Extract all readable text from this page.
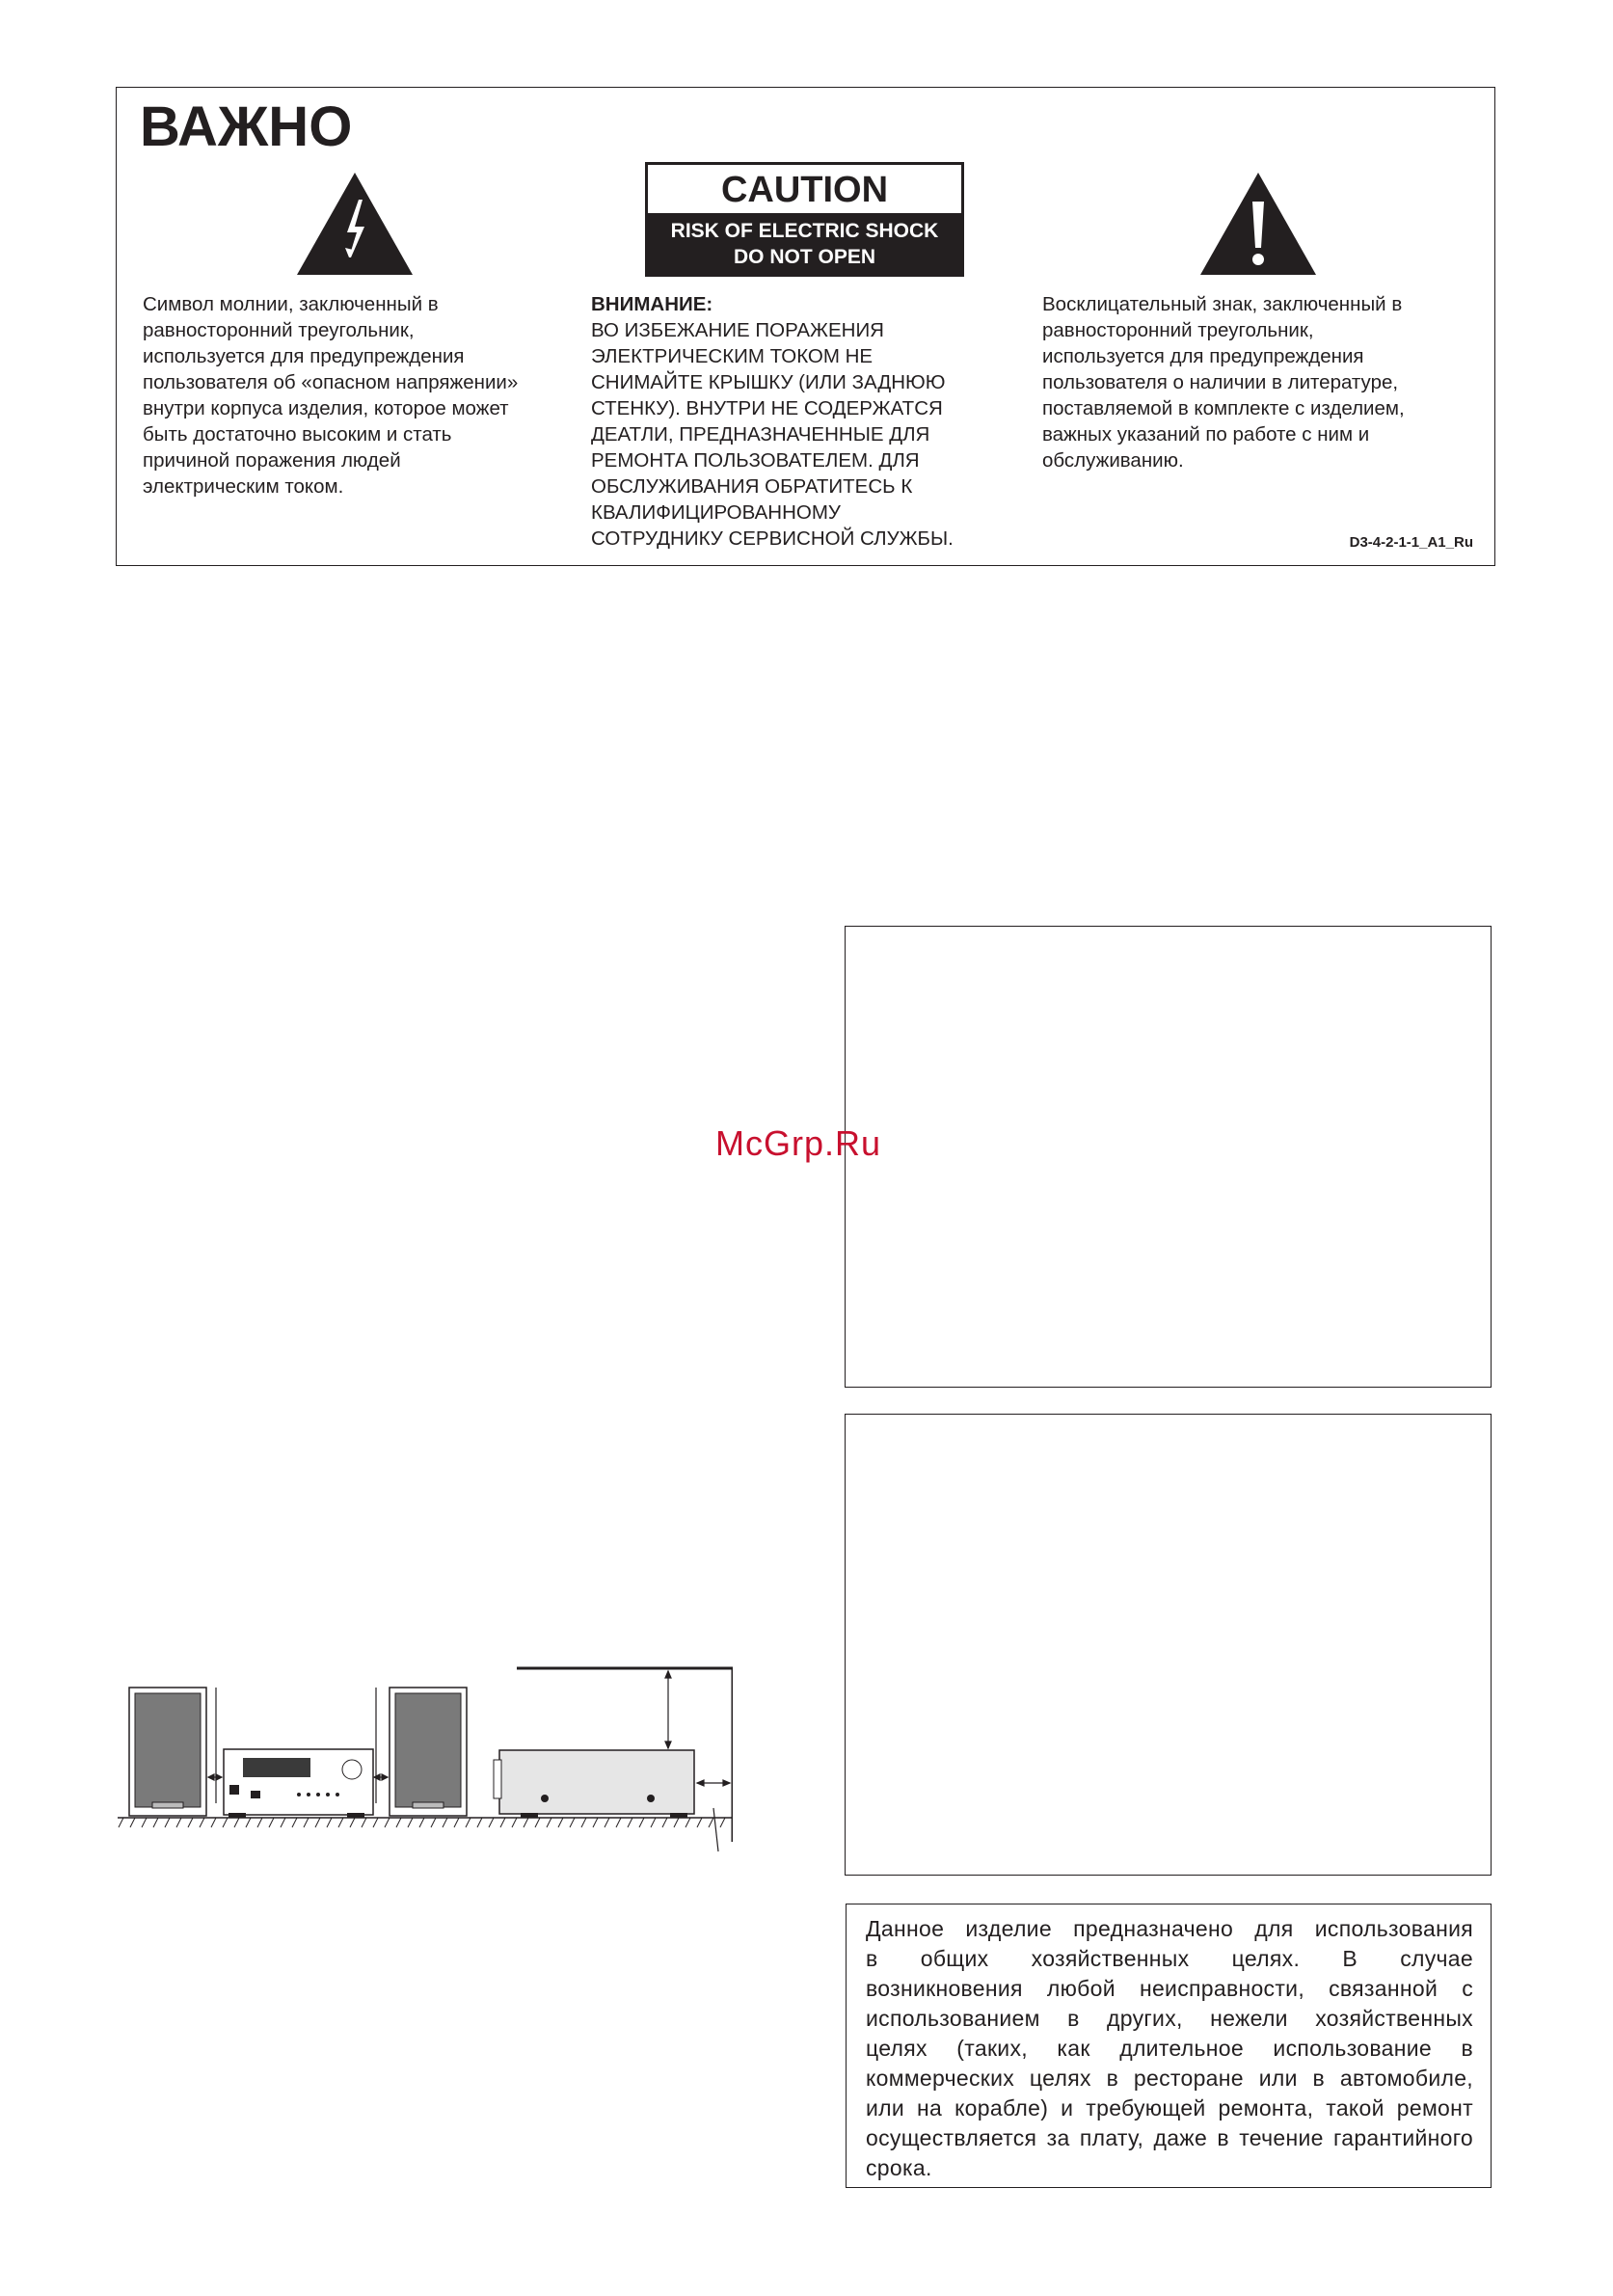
ВАЖНО
Символ молнии, заключенный в
равносторонний треугольник,
используется для предупреждения
пользователя об «опасном напряжении»
внутри корпуса изделия, которое может
быть достаточно высоким и стать
причиной поражения людей
электрическим током.
CAUTION
RISK OF ELECTRIC SHOCK
DO NOT OPEN
ВНИМАНИЕ:
ВО ИЗБЕЖАНИЕ ПОРАЖЕНИЯ
ЭЛЕКТРИЧЕСКИМ ТОКОМ НЕ
СНИМАЙТЕ КРЫШКУ (ИЛИ ЗАДНЮЮ
СТЕНКУ). ВНУТРИ НЕ СОДЕРЖАТСЯ
ДЕАТЛИ, ПРЕДНАЗНАЧЕННЫЕ ДЛЯ
РЕМОНТА ПОЛЬЗОВАТЕЛЕМ. ДЛЯ
ОБСЛУЖИВАНИЯ ОБРАТИТЕСЬ К
КВАЛИФИЦИРОВАННОМУ
СОТРУДНИКУ СЕРВИСНОЙ СЛУЖБЫ.
Восклицательный знак, заключенный в
равносторонний треугольник,
используется для предупреждения
пользователя о наличии в литературе,
поставляемой в комплекте с изделием,
важных указаний по работе с ним и
обслуживанию.
D3-4-2-1-1_A1_Ru
McGrp.Ru
Данное изделие предназначено для использования
в общих хозяйственных целях. В случае
возникновения любой неисправности, связанной с
использованием в других, нежели хозяйственных
целях (таких, как длительное использование в
коммерческих целях в ресторане или в автомобиле,
или на корабле) и требующей ремонта, такой ремонт
осуществляется за плату, даже в течение гарантийного
срока.
